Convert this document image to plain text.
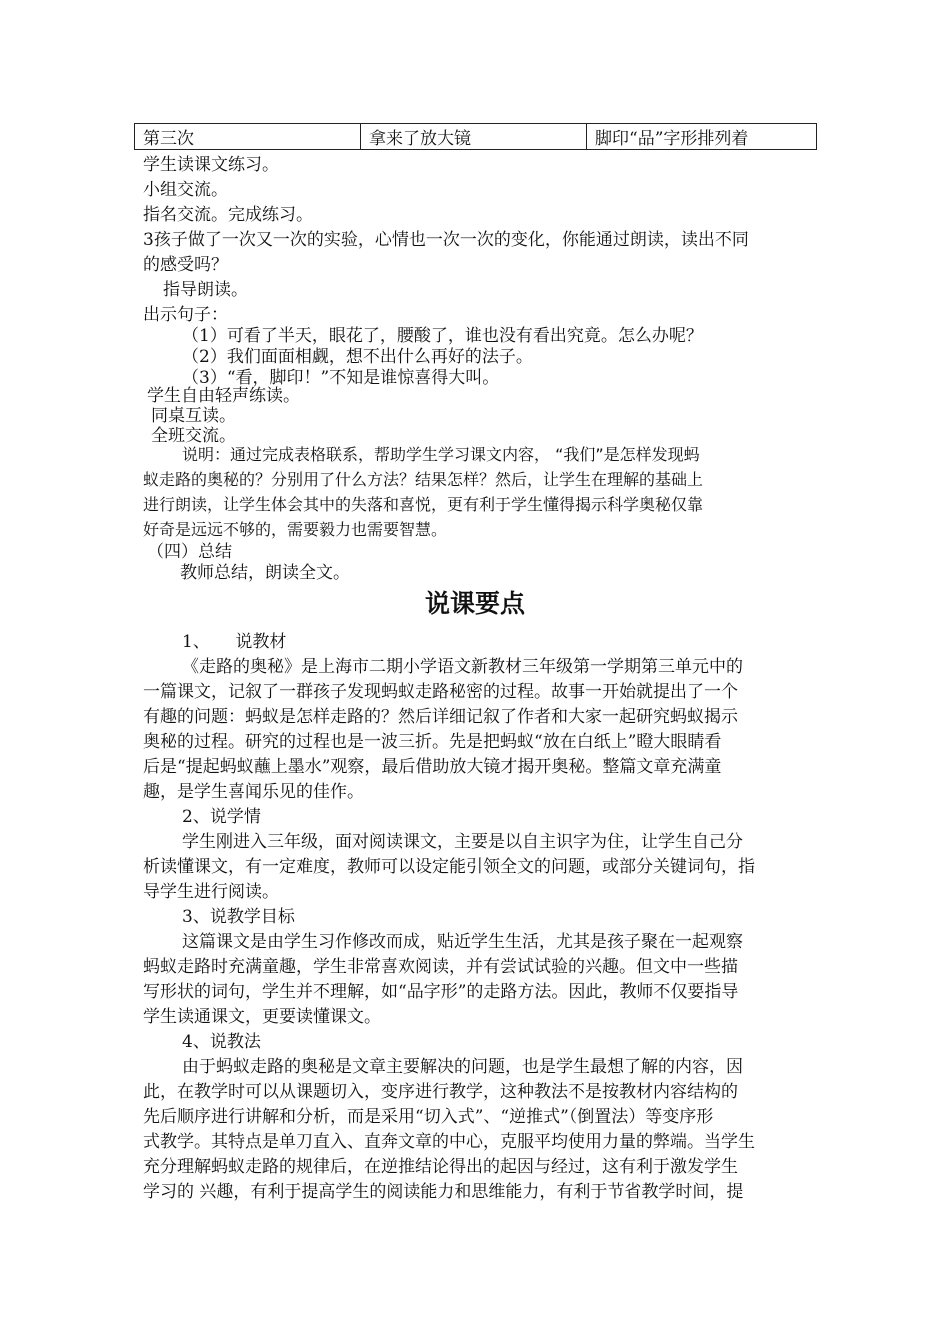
第三次	拿来了放大镜	脚印“品”字形排列着
学生读课文练习。
小组交流。
指名交流。完成练习。
3孩子做了一次又一次的实验，心情也一次一次的变化，你能通过朗读，读出不同
的感受吗？
指导朗读。
出示句子：
（1）可看了半天，眼花了，腰酸了，谁也没有看出究竟。怎么办呢？
（2）我们面面相觑，想不出什么再好的法子。
（3）“看，脚印！”不知是谁惊喜得大叫。
学生自由轻声练读。
同桌互读。
全班交流。
说明：通过完成表格联系，帮助学生学习课文内容， “我们”是怎样发现蚂
蚁走路的奥秘的？分别用了什么方法？结果怎样？然后，让学生在理解的基础上
进行朗读，让学生体会其中的失落和喜悦，更有利于学生懂得揭示科学奥秘仅靠
好奇是远远不够的，需要毅力也需要智慧。
（四）总结
教师总结，朗读全文。
说课要点
1、　　说教材
《走路的奥秘》是上海市二期小学语文新教材三年级第一学期第三单元中的
一篇课文，记叙了一群孩子发现蚂蚁走路秘密的过程。故事一开始就提出了一个
有趣的问题：蚂蚁是怎样走路的？然后详细记叙了作者和大家一起研究蚂蚁揭示
奥秘的过程。研究的过程也是一波三折。先是把蚂蚁“放在白纸上”瞪大眼睛看
后是“提起蚂蚁蘸上墨水”观察，最后借助放大镜才揭开奥秘。整篇文章充满童
趣，是学生喜闻乐见的佳作。
2、说学情
学生刚进入三年级，面对阅读课文，主要是以自主识字为住，让学生自己分
析读懂课文，有一定难度，教师可以设定能引领全文的问题，或部分关键词句，指
导学生进行阅读。
3、说教学目标
这篇课文是由学生习作修改而成，贴近学生生活，尤其是孩子聚在一起观察
蚂蚁走路时充满童趣，学生非常喜欢阅读，并有尝试试验的兴趣。但文中一些描
写形状的词句，学生并不理解，如“品字形”的走路方法。因此，教师不仅要指导
学生读通课文，更要读懂课文。
4、说教法
由于蚂蚁走路的奥秘是文章主要解决的问题，也是学生最想了解的内容，因
此，在教学时可以从课题切入，变序进行教学，这种教法不是按教材内容结构的
先后顺序进行讲解和分析，而是采用“切入式”、“逆推式”（倒置法）等变序形
式教学。其特点是单刀直入、直奔文章的中心，克服平均使用力量的弊端。当学生
充分理解蚂蚁走路的规律后，在逆推结论得出的起因与经过，这有利于激发学生
学习的 兴趣，有利于提高学生的阅读能力和思维能力，有利于节省教学时间，提
